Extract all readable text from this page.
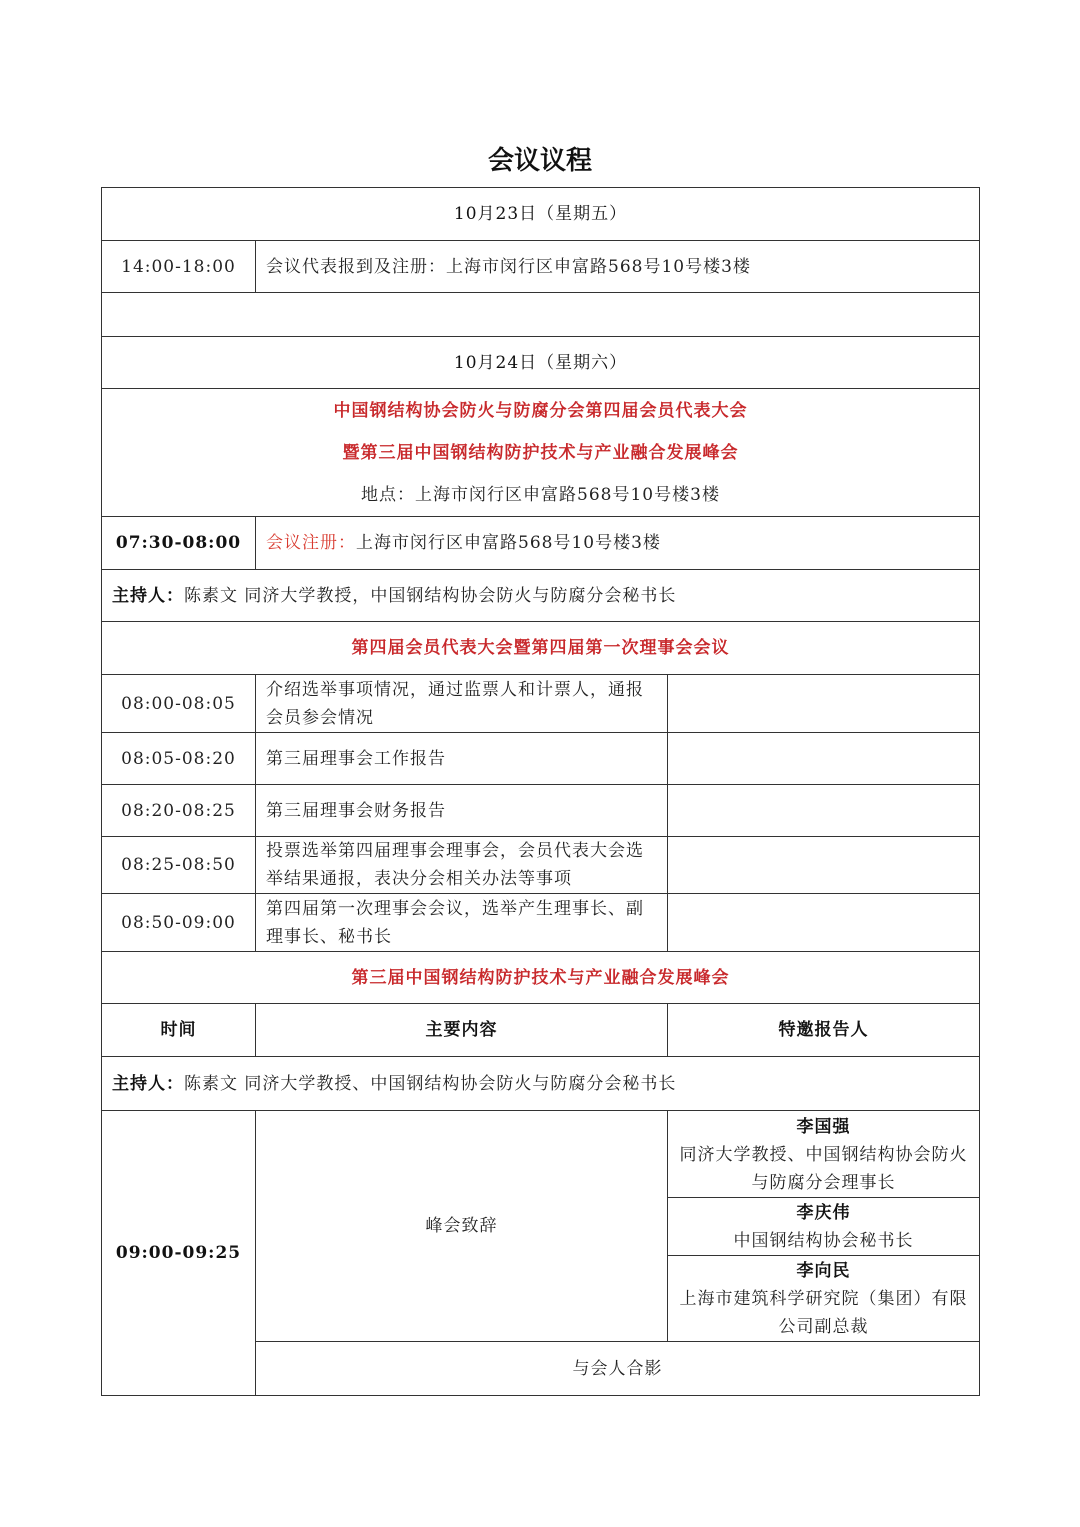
会议议程
10月23日（星期五）		
14:00-18:00	会议代表报到及注册：上海市闵行区申富路568号10号楼3楼	

10月24日（星期六）		

中国钢结构协会防火与防腐分会第四届会员代表大会
暨第三届中国钢结构防护技术与产业融合发展峰会
地点：上海市闵行区申富路568号10号楼3楼		

07:30-08:00	会议注册：上海市闵行区申富路568号10号楼3楼	
主持人：陈素文 同济大学教授，中国钢结构协会防火与防腐分会秘书长		
第四届会员代表大会暨第四届第一次理事会会议		
08:00-08:05	介绍选举事项情况，通过监票人和计票人，通报会员参会情况	
08:05-08:20	第三届理事会工作报告	
08:20-08:25	第三届理事会财务报告	
08:25-08:50	投票选举第四届理事会理事会，会员代表大会选举结果通报，表决分会相关办法等事项	
08:50-09:00	第四届第一次理事会会议，选举产生理事长、副理事长、秘书长	
第三届中国钢结构防护技术与产业融合发展峰会		
时间	主要内容	特邀报告人
主持人：陈素文 同济大学教授、中国钢结构协会防火与防腐分会秘书长		
09:00-09:25	峰会致辞	李国强
同济大学教授、中国钢结构协会防火与防腐分会理事长

		李庆伟
中国钢结构协会秘书长

		李向民
上海市建筑科学研究院（集团）有限公司副总裁

	与会人合影	
